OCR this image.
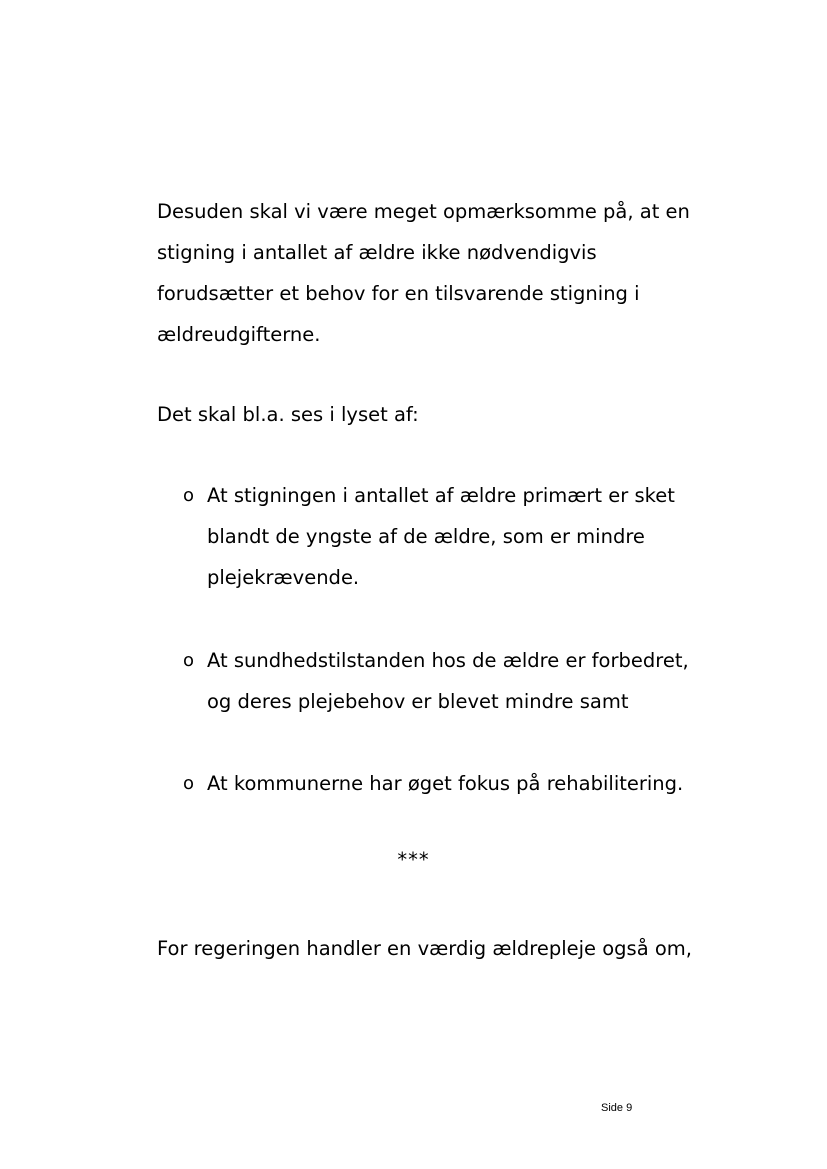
Desuden skal vi være meget opmærksomme på, at en
stigning i antallet af ældre ikke nødvendigvis
forudsætter et behov for en tilsvarende stigning i
ældreudgifterne.

Det skal bl.a. ses i lyset af:

o At stigningen i antallet af ældre primært er sket
blandt de yngste af de ældre, som er mindre
plejekrævende.
o At sundhedstilstanden hos de ældre er forbedret,
og deres plejebehov er blevet mindre samt
o At kommunerne har øget fokus på rehabilitering.
***

For regeringen handler en værdig ældrepleje også om,

Side 9
